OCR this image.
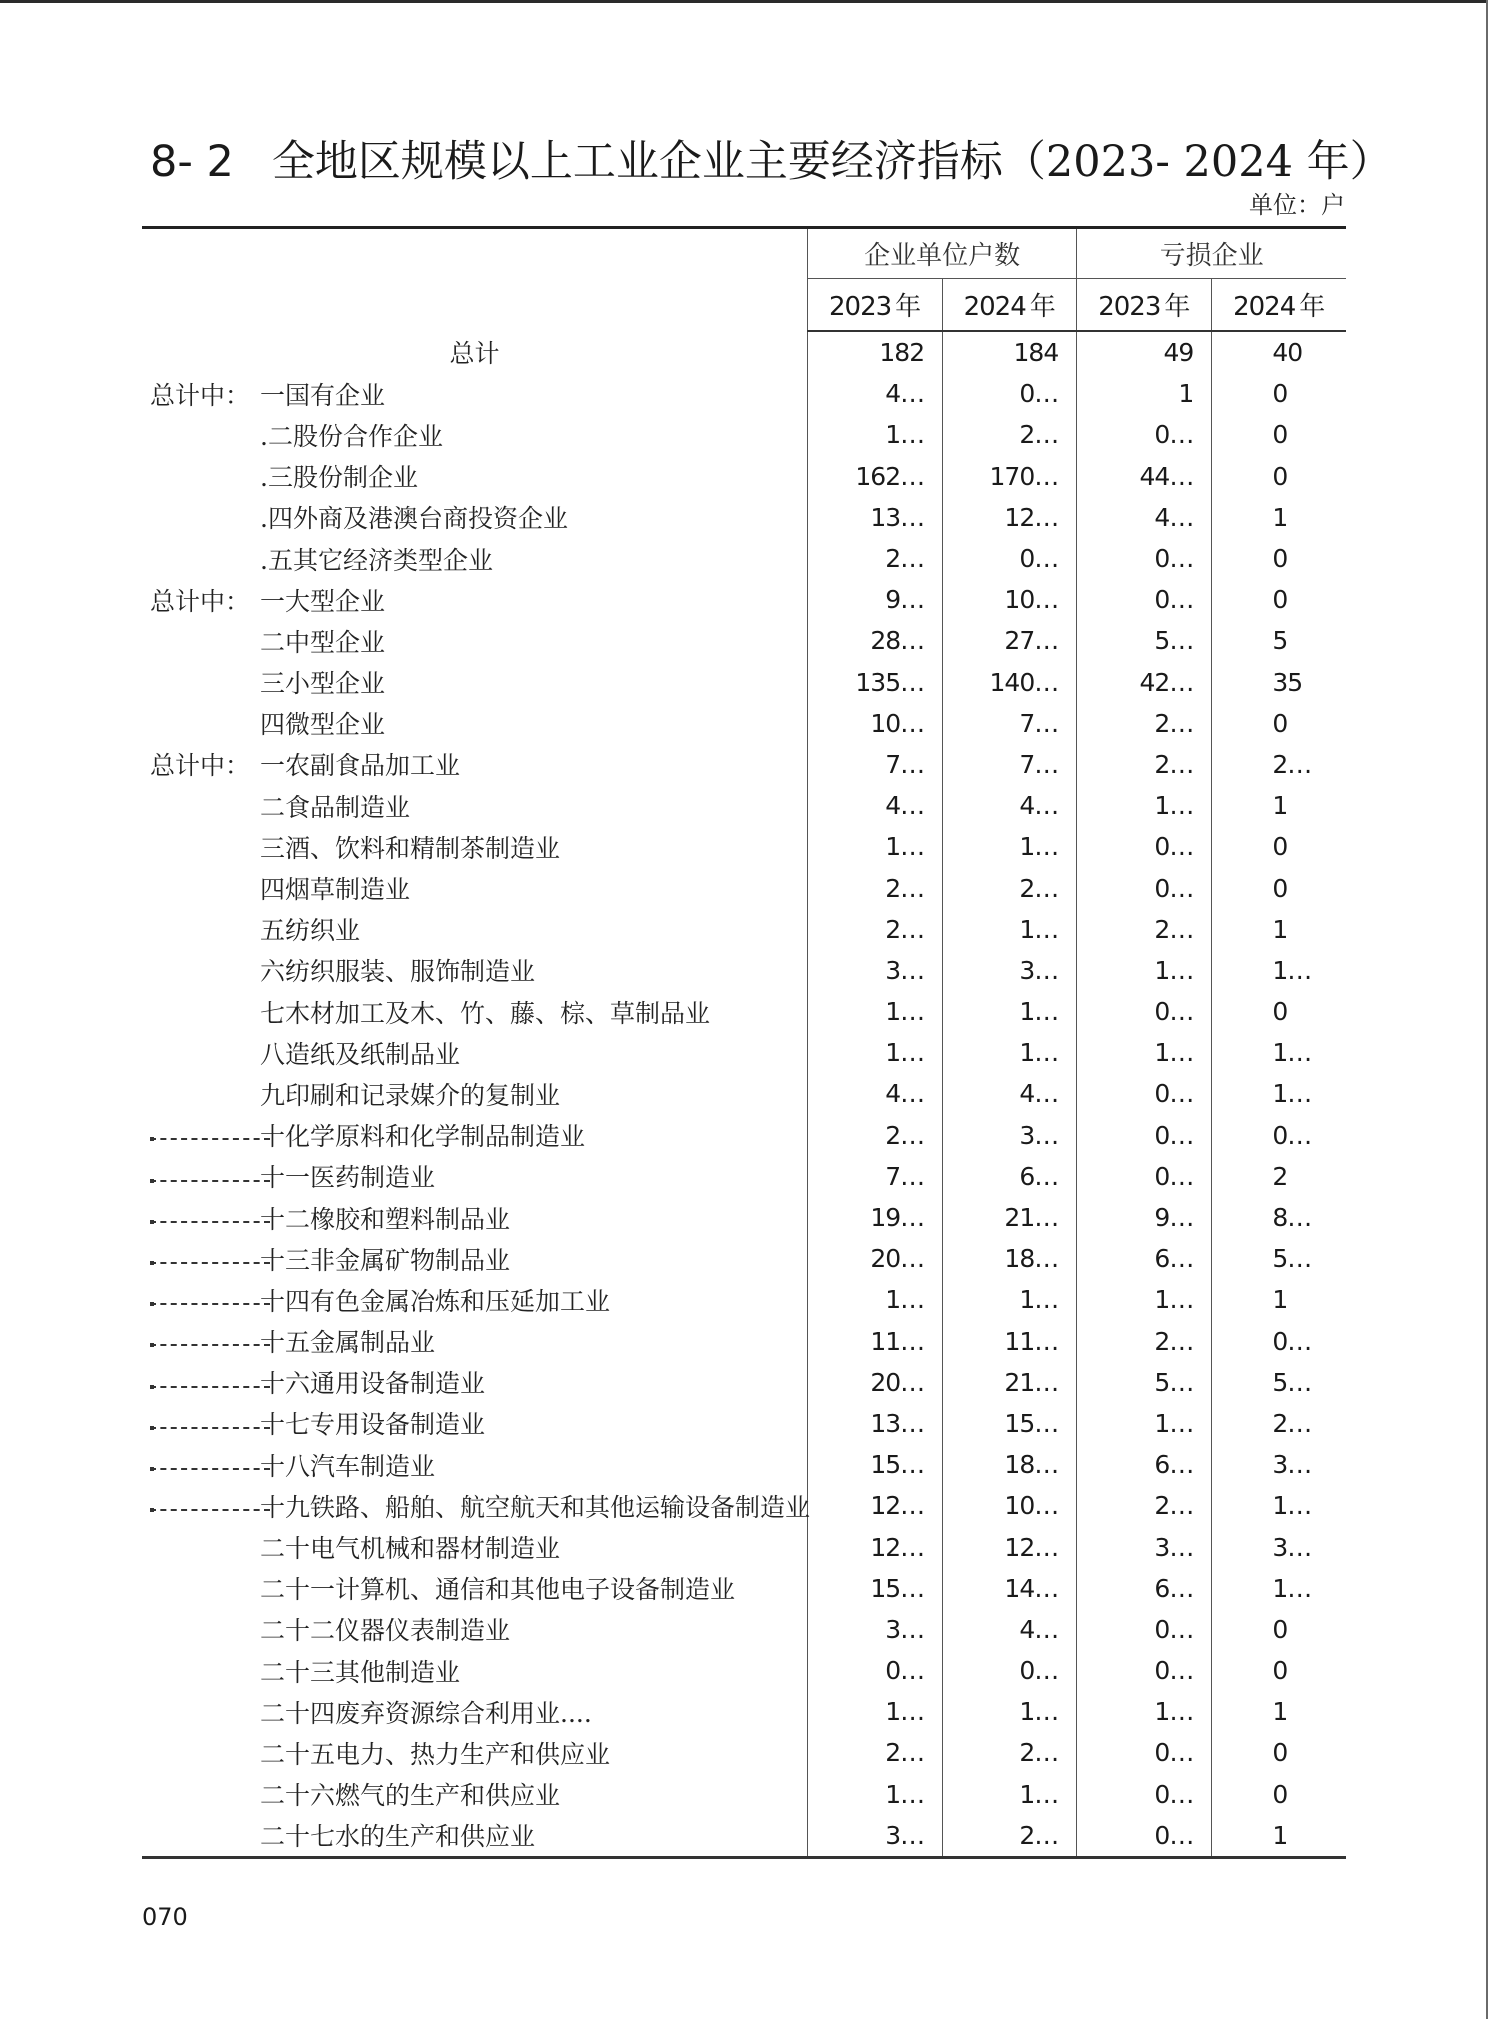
8- 2 全地区规模以上工业企业主要经济指标（2023- 2024 年）
单位：户
	企业单位户数		亏损企业	
	2023 年	2024 年	2023 年	2024 年

总计	182	184	49	40

总计中： 一国有企业	4…	0…	1	0

.二股份合作企业	1…	2…	0…	0

.三股份制企业	162…	170…	44…	0

.四外商及港澳台商投资企业	13…	12…	4…	1

.五其它经济类型企业	2…	0…	0…	0

总计中： 一大型企业	9…	10…	0…	0

二中型企业	28…	27…	5…	5

三小型企业	135…	140…	42…	35

四微型企业	10…	7…	2…	0

总计中： 一农副食品加工业	7…	7…	2…	2…

二食品制造业	4…	4…	1…	1

三酒、饮料和精制茶制造业	1…	1…	0…	0

四烟草制造业	2…	2…	0…	0

五纺织业	2…	1…	2…	1

六纺织服装、服饰制造业	3…	3…	1…	1…

七木材加工及木、竹、藤、棕、草制品业	1…	1…	0…	0

八造纸及纸制品业	1…	1…	1…	1…

九印刷和记录媒介的复制业	4…	4…	0…	1…

十化学原料和化学制品制造业	2…	3…	0…	0…

十一医药制造业	7…	6…	0…	2

十二橡胶和塑料制品业	19…	21…	9…	8…

十三非金属矿物制品业	20…	18…	6…	5…

十四有色金属冶炼和压延加工业	1…	1…	1…	1

十五金属制品业	11…	11…	2…	0…

十六通用设备制造业	20…	21…	5…	5…

十七专用设备制造业	13…	15…	1…	2…

十八汽车制造业	15…	18…	6…	3…

十九铁路、船舶、航空航天和其他运输设备制造业	12…	10…	2…	1…

二十电气机械和器材制造业	12…	12…	3…	3…

二十一计算机、通信和其他电子设备制造业	15…	14…	6…	1…

二十二仪器仪表制造业	3…	4…	0…	0

二十三其他制造业	0…	0…	0…	0

二十四废弃资源综合利用业....	1…	1…	1…	1

二十五电力、热力生产和供应业	2…	2…	0…	0

二十六燃气的生产和供应业	1…	1…	0…	0

二十七水的生产和供应业	3…	2…	0…	1
070
